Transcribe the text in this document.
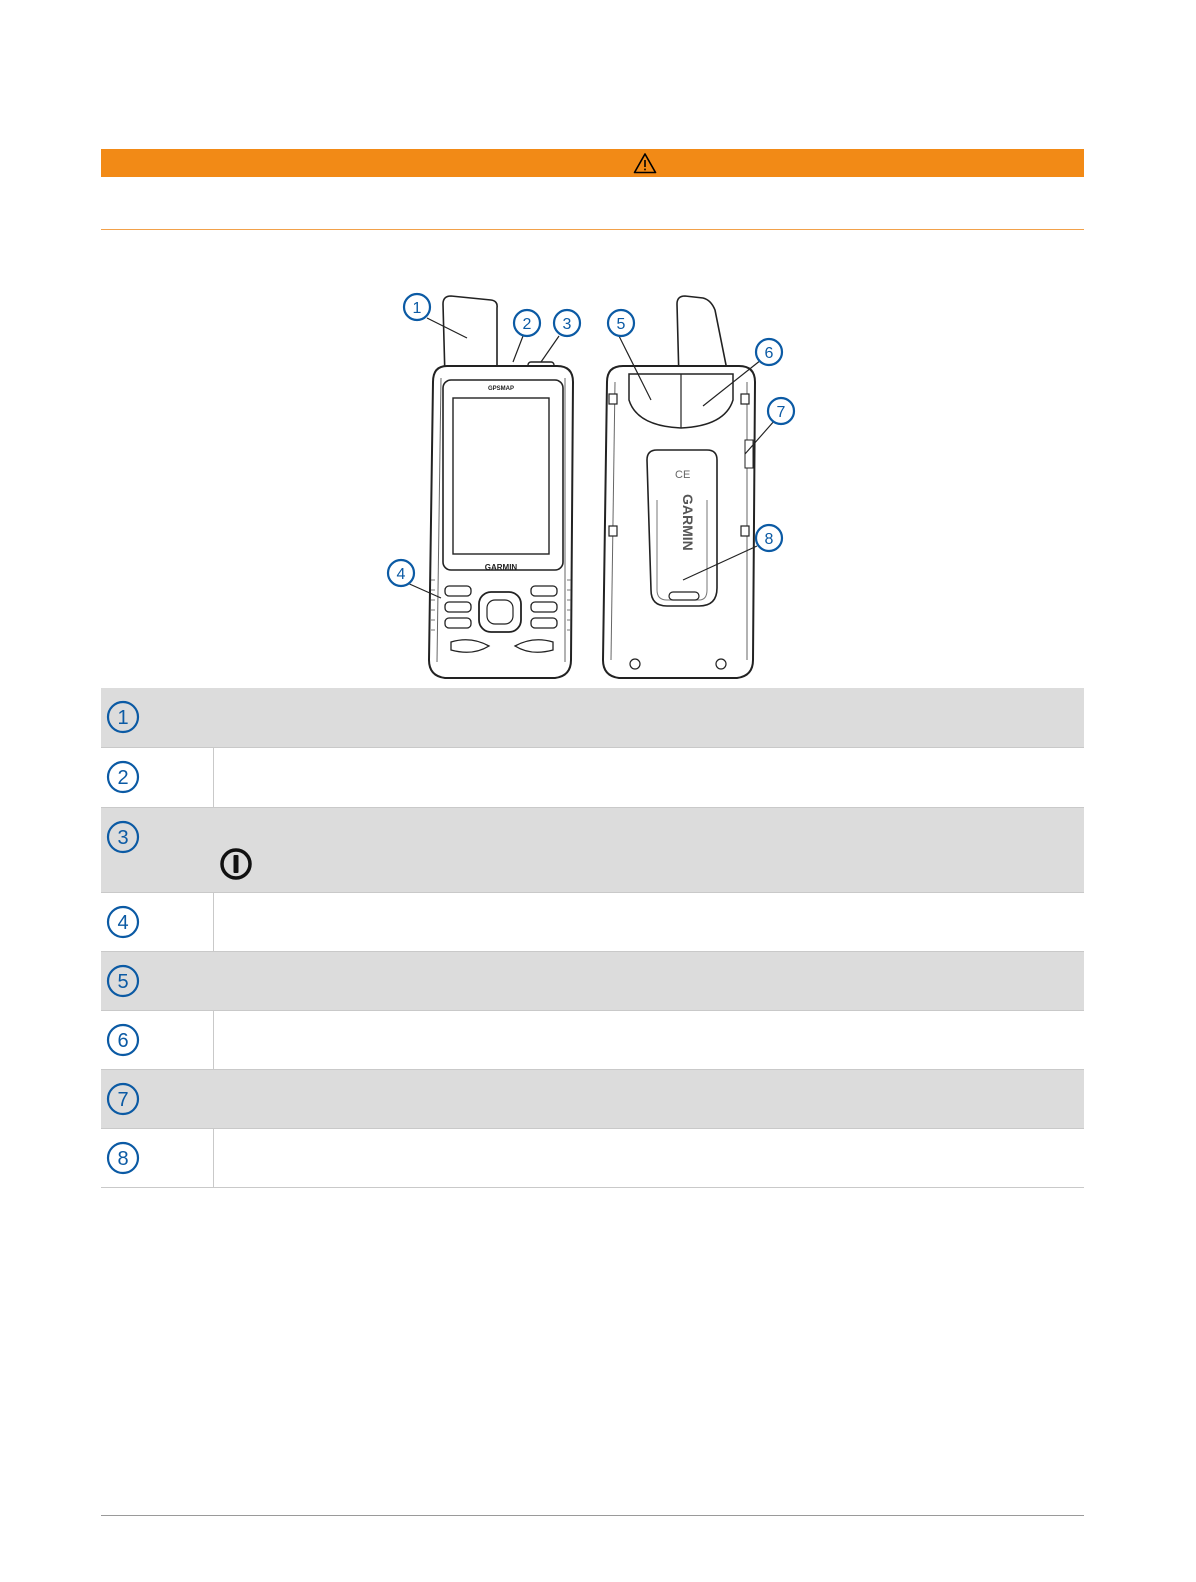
GPSMAP
GARMIN
CE
GARMIN
1
2 3
4
5
6
7
8
1	

2	

3

4	

5	

6	

7	

8	
